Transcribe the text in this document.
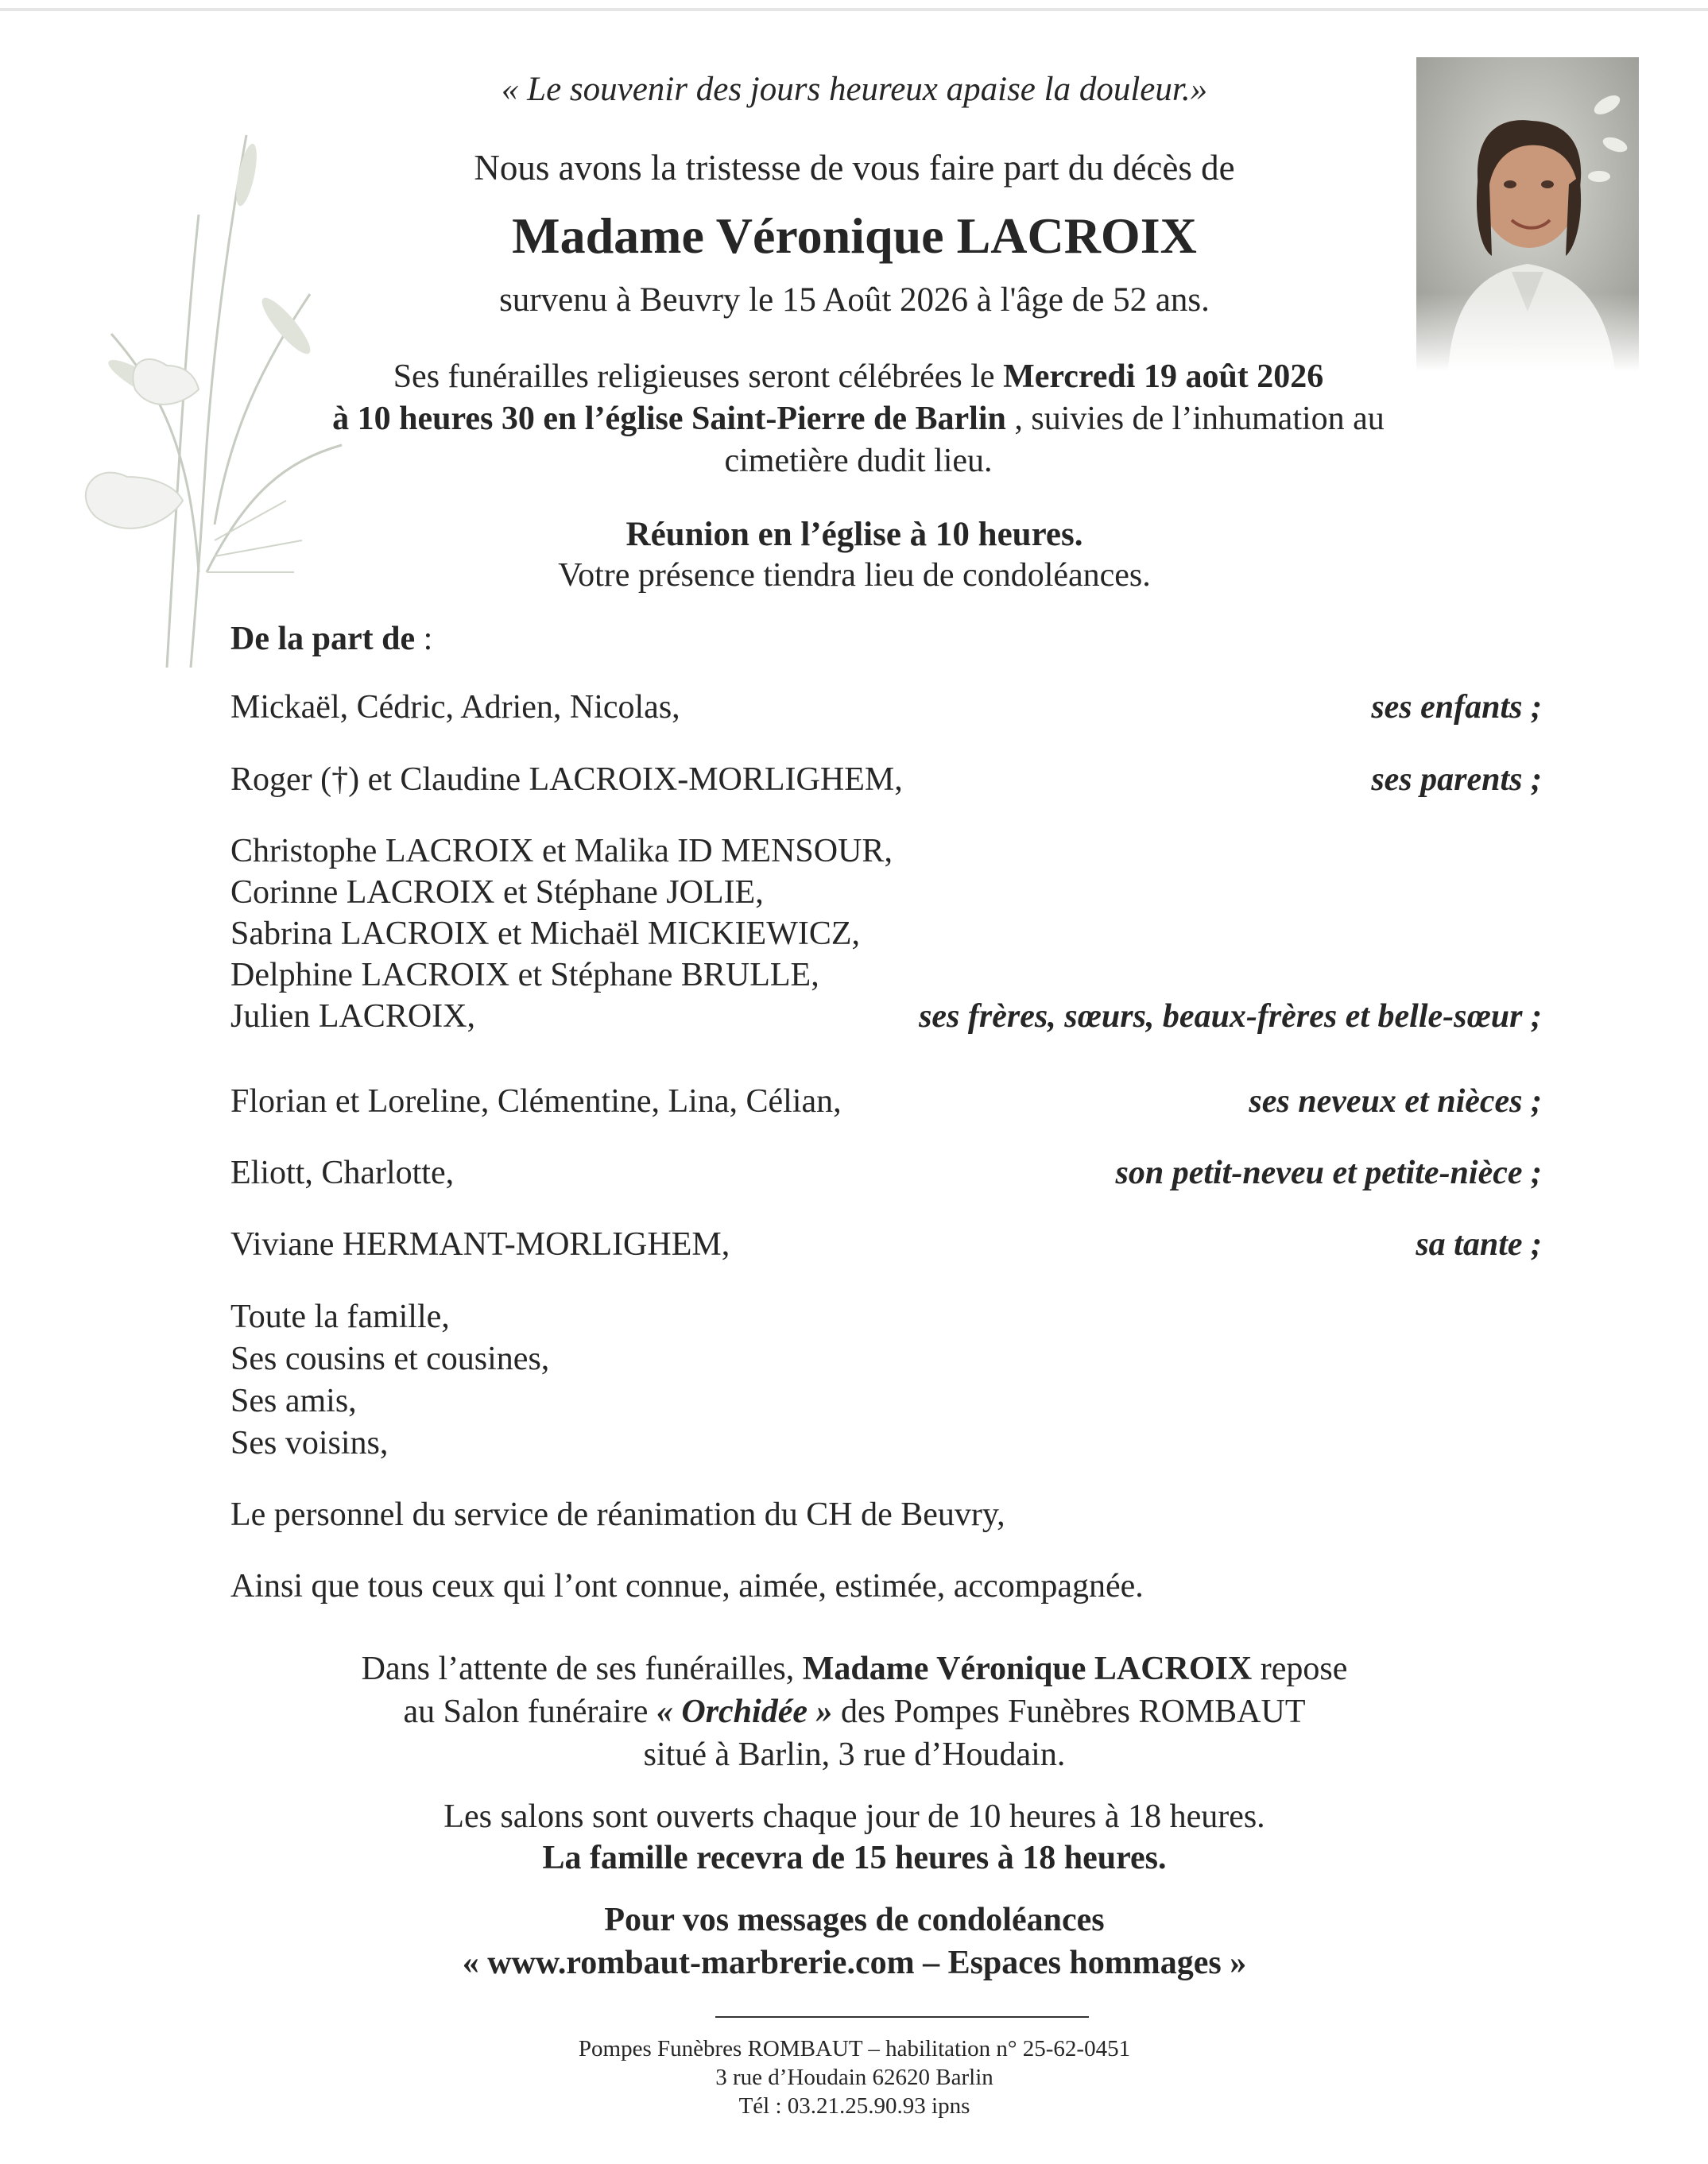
« Le souvenir des jours heureux apaise la douleur.»
Nous avons la tristesse de vous faire part du décès de
Madame Véronique LACROIX
survenu à Beuvry le 15 Août 2026 à l'âge de 52 ans.
Ses funérailles religieuses seront célébrées le Mercredi 19 août 2026
à 10 heures 30 en l’église Saint-Pierre de Barlin , suivies de l’inhumation au
cimetière dudit lieu.
Réunion en l’église à 10 heures.
Votre présence tiendra lieu de condoléances.
De la part de :
Mickaël, Cédric, Adrien, Nicolas,	ses enfants ;
Roger (†) et Claudine LACROIX-MORLIGHEM,	ses parents ;
Christophe LACROIX et Malika ID MENSOUR,
Corinne LACROIX et Stéphane JOLIE,
Sabrina LACROIX et Michaël MICKIEWICZ,
Delphine LACROIX et Stéphane BRULLE,
Julien LACROIX,	ses frères, sœurs, beaux-frères et belle-sœur ;
Florian et Loreline, Clémentine, Lina, Célian,	ses neveux et nièces ;
Eliott, Charlotte,	son petit-neveu et petite-nièce ;
Viviane HERMANT-MORLIGHEM,	sa tante ;
Toute la famille,
Ses cousins et cousines,
Ses amis,
Ses voisins,
Le personnel du service de réanimation du CH de Beuvry,
Ainsi que tous ceux qui l’ont connue, aimée, estimée, accompagnée.
Dans l’attente de ses funérailles, Madame Véronique LACROIX repose
au Salon funéraire « Orchidée » des Pompes Funèbres ROMBAUT
situé à Barlin, 3 rue d’Houdain.
Les salons sont ouverts chaque jour de 10 heures à 18 heures.
La famille recevra de 15 heures à 18 heures.
Pour vos messages de condoléances
« www.rombaut-marbrerie.com – Espaces hommages »
Pompes Funèbres ROMBAUT – habilitation n° 25-62-0451
3 rue d’Houdain 62620 Barlin
Tél : 03.21.25.90.93 ipns
